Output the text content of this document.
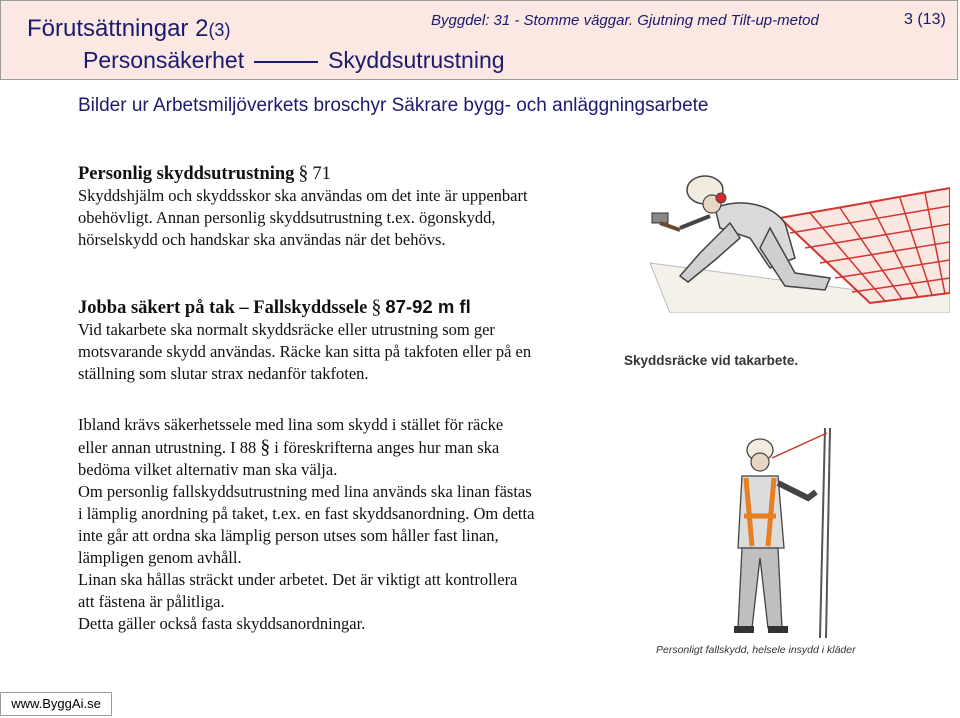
Förutsättningar 2(3)
Personsäkerhet	Skyddsutrustning
Byggdel: 31 - Stomme väggar. Gjutning med Tilt-up-metod	3 (13)
Bilder ur Arbetsmiljöverkets broschyr Säkrare bygg- och anläggningsarbete
Personlig skyddsutrustning § 71
Skyddshjälm och skyddsskor ska användas om det inte är uppenbart
obehövligt. Annan personlig skyddsutrustning t.ex. ögonskydd,
hörselskydd och handskar ska användas när det behövs.
Jobba säkert på tak – Fallskyddssele § 87-92 m fl
Vid takarbete ska normalt skyddsräcke eller utrustning som ger
motsvarande skydd användas. Räcke kan sitta på takfoten eller på en
ställning som slutar strax nedanför takfoten.
Ibland krävs säkerhetssele med lina som skydd i stället för räcke
eller annan utrustning. I 88 § i föreskrifterna anges hur man ska
bedöma vilket alternativ man ska välja.
Om personlig fallskyddsutrustning med lina används ska linan fästas
i lämplig anordning på taket, t.ex. en fast skyddsanordning. Om detta
inte går att ordna ska lämplig person utses som håller fast linan,
lämpligen genom avhåll.
Linan ska hållas sträckt under arbetet. Det är viktigt att kontrollera
att fästena är pålitliga.
Detta gäller också fasta skyddsanordningar.
Skyddsräcke vid takarbete.
Personligt fallskydd, helsele insydd i kläder
www.ByggAi.se
